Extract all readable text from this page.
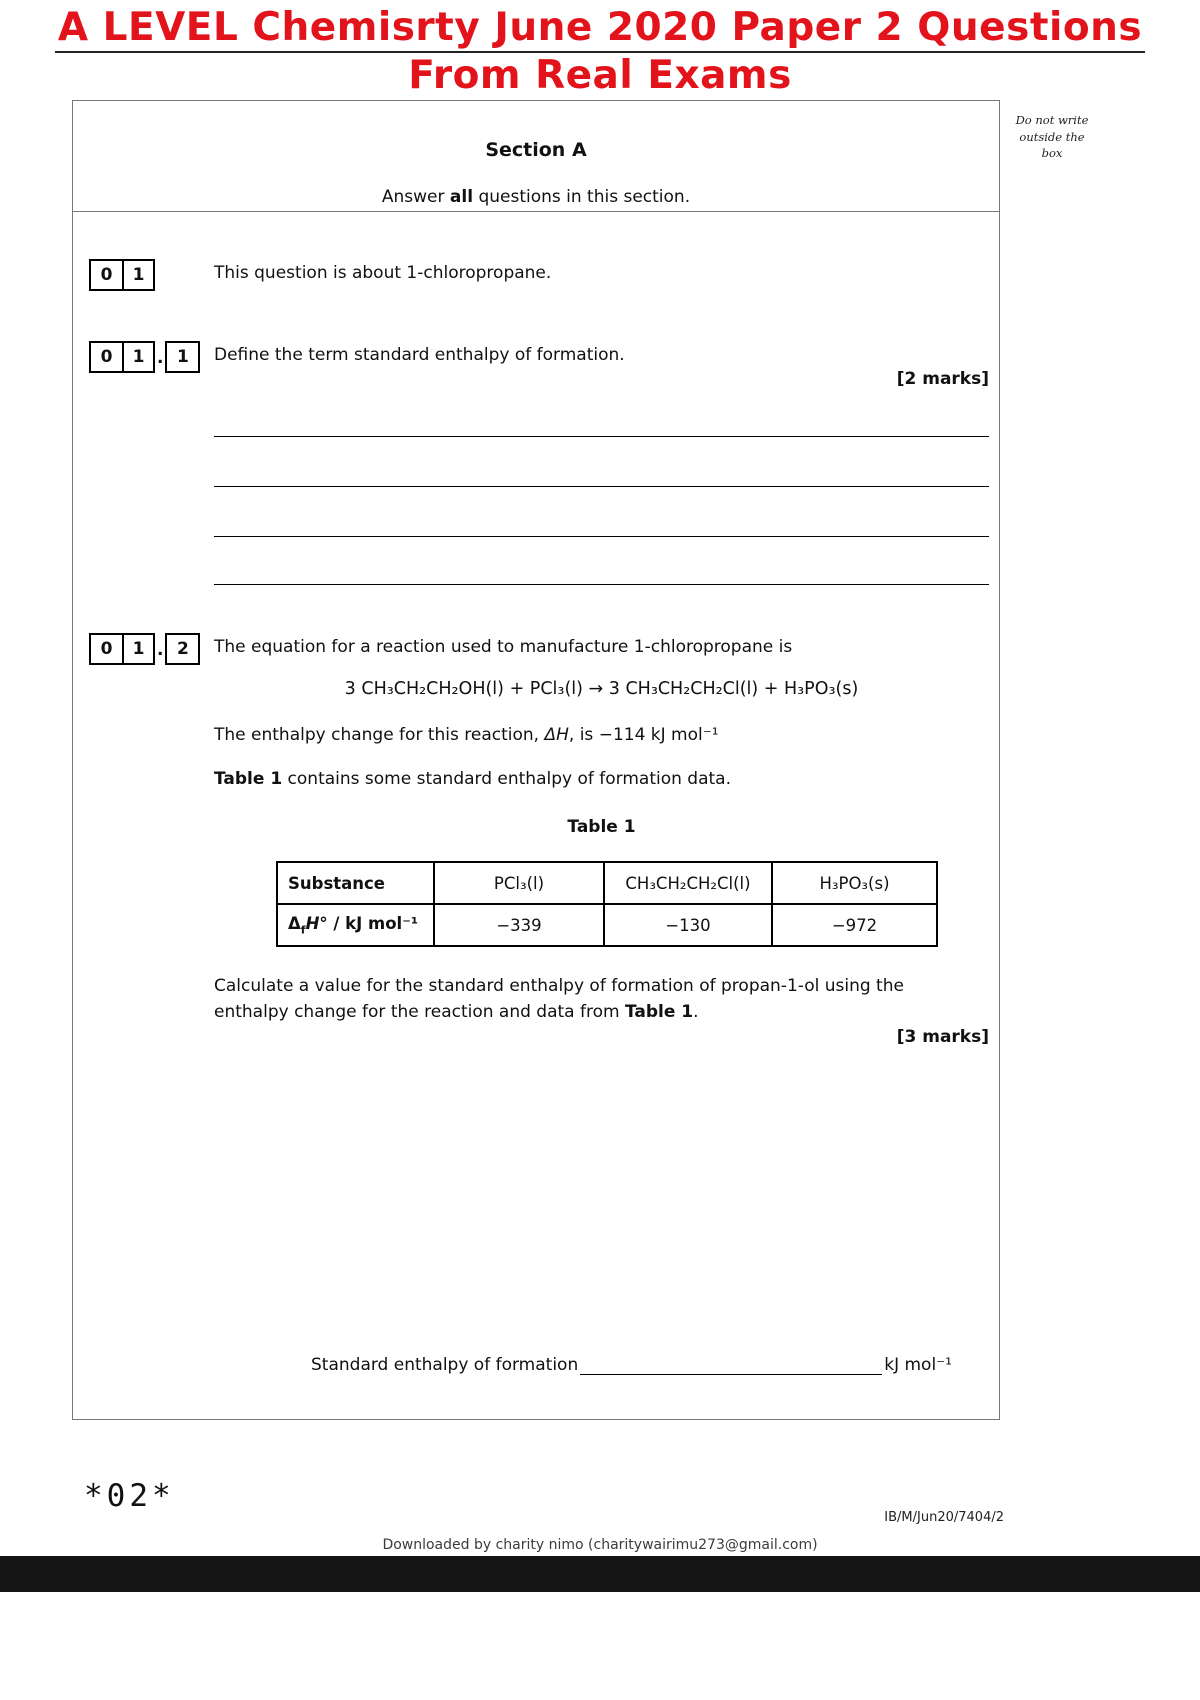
A LEVEL Chemisrty June 2020 Paper 2 Questions
From Real Exams
Do not write outside the box
Section A
Answer all questions in this section.
0	1	This question is about 1-chloropropane.
0	1 . 1	Define the term standard enthalpy of formation.
[2 marks]
0	1 . 2	The equation for a reaction used to manufacture 1-chloropropane is
3 CH₃CH₂CH₂OH(l) + PCl₃(l) → 3 CH₃CH₂CH₂Cl(l) + H₃PO₃(s)
The enthalpy change for this reaction, ΔH, is −114 kJ mol⁻¹
Table 1 contains some standard enthalpy of formation data.
Table 1
Substance	PCl₃(l)	CH₃CH₂CH₂Cl(l)	H₃PO₃(s)
$\Delta_fH^\circ$ / kJ mol⁻¹	−339	−130	−972
Calculate a value for the standard enthalpy of formation of propan-1-ol using the enthalpy change for the reaction and data from Table 1.
[3 marks]
Standard enthalpy of formation	kJ mol⁻¹
*02*
IB/M/Jun20/7404/2
Downloaded by charity nimo (charitywairimu273@gmail.com)
